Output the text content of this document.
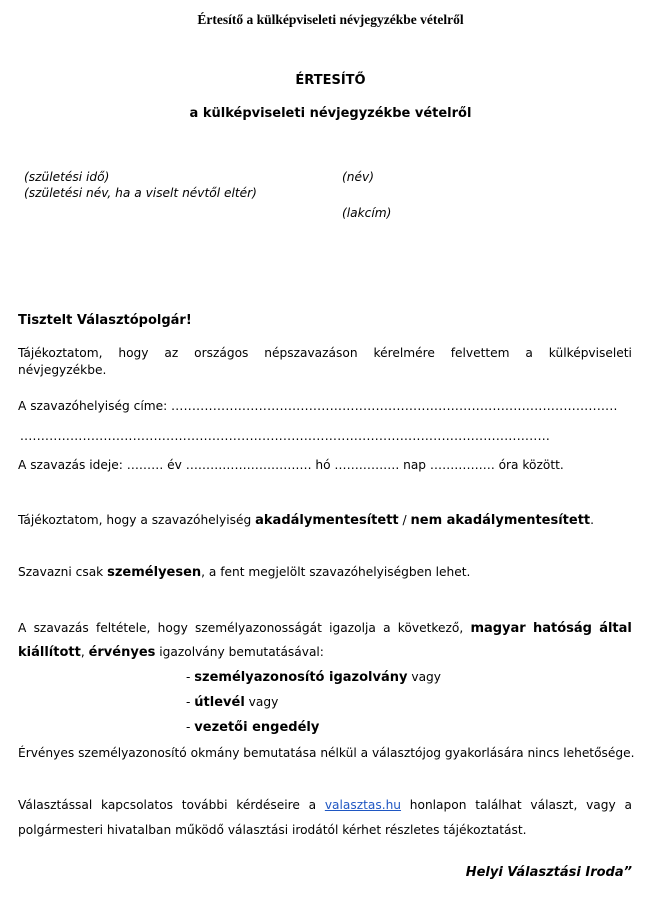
Értesítő a külképviseleti névjegyzékbe vételről
ÉRTESÍTŐ
a külképviseleti névjegyzékbe vételről
(születési idő)
(születési név, ha a viselt névtől eltér)
(név)
(lakcím)
Tisztelt Választópolgár!
Tájékoztatom, hogy az országos népszavazáson kérelmére felvettem a külképviseleti
névjegyzékbe.
A szavazóhelyiség címe: ...........................................................................................................
...............................................................................................................................
A szavazás ideje: ……… év …………………………. hó ……………. nap ……………. óra között.
Tájékoztatom, hogy a szavazóhelyiség akadálymentesített / nem akadálymentesített.
Szavazni csak személyesen, a fent megjelölt szavazóhelyiségben lehet.
A szavazás feltétele, hogy személyazonosságát igazolja a következő, magyar hatóság által
kiállított, érvényes igazolvány bemutatásával:
- személyazonosító igazolvány vagy
- útlevél vagy
- vezetői engedély
Érvényes személyazonosító okmány bemutatása nélkül a választójog gyakorlására nincs lehetősége.
Választással kapcsolatos további kérdéseire a valasztas.hu honlapon találhat választ, vagy a
polgármesteri hivatalban működő választási irodától kérhet részletes tájékoztatást.
Helyi Választási Iroda”
